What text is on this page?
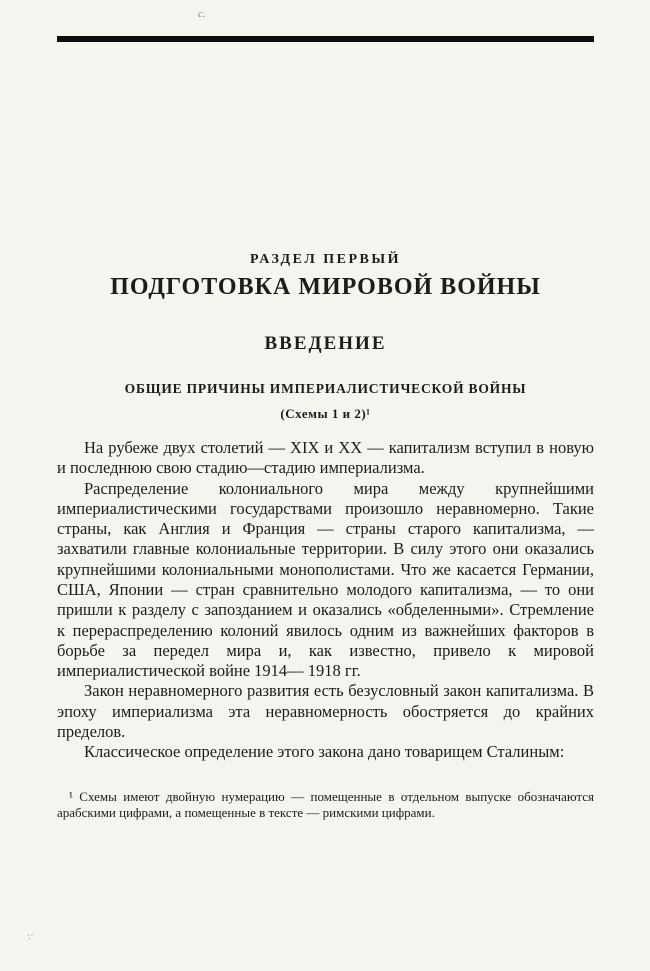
с.
РАЗДЕЛ ПЕРВЫЙ
ПОДГОТОВКА МИРОВОЙ ВОЙНЫ
ВВЕДЕНИЕ
ОБЩИЕ ПРИЧИНЫ ИМПЕРИАЛИСТИЧЕСКОЙ ВОЙНЫ
(Схемы 1 и 2)¹

На рубеже двух столетий — XIX и XX — капитализм вступил в новую и последнюю свою стадию—стадию империализма.

Распределение колониального мира между крупнейшими империалистическими государствами произошло неравномерно. Такие страны, как Англия и Франция — страны старого капитализма, — захватили главные колониальные территории. В силу этого они оказались крупнейшими колониальными монополистами. Что же касается Германии, США, Японии — стран сравнительно молодого капитализма, — то они пришли к разделу с запозданием и оказались «обделенными». Стремление к перераспределению колоний явилось одним из важнейших факторов в борьбе за передел мира и, как известно, привело к мировой империалистической войне 1914— 1918 гг.

Закон неравномерного развития есть безусловный закон капитализма. В эпоху империализма эта неравномерность обостряется до крайних пределов.

Классическое определение этого закона дано товарищем Сталиным:

¹ Схемы имеют двойную нумерацию — помещенные в отдельном выпуске обозначаются арабскими цифрами, а помещенные в тексте — римскими цифрами.
∵
